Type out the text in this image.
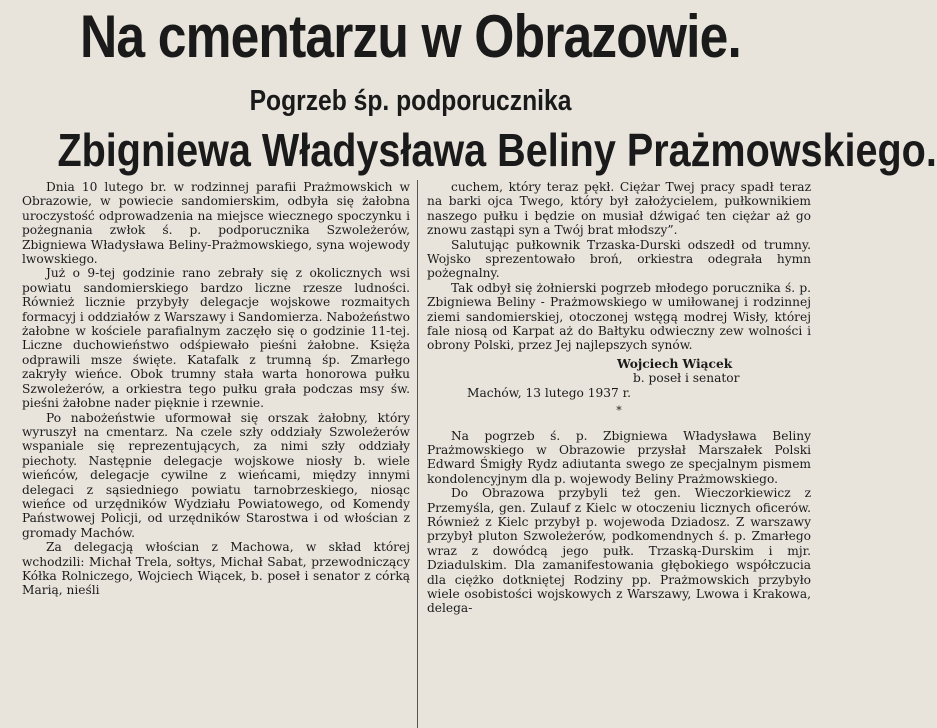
Na cmentarzu w Obrazowie.
Pogrzeb śp. podporucznika
Zbigniewa Władysława Beliny Prażmowskiego.

Dnia 10 lutego br. w rodzinnej parafii Prażmowskich w Obrazowie, w powiecie sandomierskim, odbyła się żałobna uroczystość odprowadzenia na miejsce wiecznego spoczynku i pożegnania zwłok ś. p. podporucznika Szwoleżerów, Zbigniewa Władysława Beliny-Prażmowskiego, syna wojewody lwowskiego.

Już o 9-tej godzinie rano zebrały się z okolicznych wsi powiatu sandomierskiego bardzo liczne rzesze ludności. Również licznie przybyły delegacje wojskowe rozmaitych formacyj i oddziałów z Warszawy i Sandomierza. Nabożeństwo żałobne w kościele parafialnym zaczęło się o godzinie 11-tej. Liczne duchowieństwo odśpiewało pieśni żałobne. Księża odprawili msze święte. Katafalk z trumną śp. Zmarłego zakryły wieńce. Obok trumny stała warta honorowa pułku Szwoleżerów, a orkiestra tego pułku grała podczas msy św. pieśni żałobne nader pięknie i rzewnie.

Po nabożeństwie uformował się orszak żałobny, który wyruszył na cmentarz. Na czele szły oddziały Szwoleżerów wspaniale się reprezentujących, za nimi szły oddziały piechoty. Następnie delegacje wojskowe niosły b. wiele wieńców, delegacje cywilne z wieńcami, między innymi delegaci z sąsiedniego powiatu tarnobrzeskiego, niosąc wieńce od urzędników Wydziału Powiatowego, od Komendy Państwowej Policji, od urzędników Starostwa i od włościan z gromady Machów.

Za delegacją włościan z Machowa, w skład której wchodzili: Michał Trela, sołtys, Michał Sabat, przewodniczący Kółka Rolniczego, Wojciech Wiącek, b. poseł i senator z córką Marią, nieśli

cuchem, który teraz pękł. Ciężar Twej pracy spadł teraz na barki ojca Twego, który był założycielem, pułkownikiem naszego pułku i będzie on musiał dźwigać ten ciężar aż go znowu zastąpi syn a Twój brat młodszy”.

Salutując pułkownik Trzaska-Durski odszedł od trumny. Wojsko sprezentowało broń, orkiestra odegrała hymn pożegnalny.

Tak odbył się żołnierski pogrzeb młodego porucznika ś. p. Zbigniewa Beliny - Prażmowskiego w umiłowanej i rodzinnej ziemi sandomierskiej, otoczonej wstęgą modrej Wisły, której fale niosą od Karpat aż do Bałtyku odwieczny zew wolności i obrony Polski, przez Jej najlepszych synów.

Wojciech Wiącek
b. poseł i senator
Machów, 13 lutego 1937 r.
*

Na pogrzeb ś. p. Zbigniewa Władysława Beliny Prażmowskiego w Obrazowie przysłał Marszałek Polski Edward Śmigły Rydz adiutanta swego ze specjalnym pismem kondolencyjnym dla p. wojewody Beliny Prażmowskiego.

Do Obrazowa przybyli też gen. Wieczorkiewicz z Przemyśla, gen. Zulauf z Kielc w otoczeniu licznych oficerów. Również z Kielc przybył p. wojewoda Dziadosz. Z warszawy przybył pluton Szwoleżerów, podkomendnych ś. p. Zmarłego wraz z dowódcą jego pułk. Trzaską-Durskim i mjr. Dziadulskim. Dla zamanifestowania głębokiego współczucia dla ciężko dotkniętej Rodziny pp. Prażmowskich przybyło wiele osobistości wojskowych z Warszawy, Lwowa i Krakowa, delega-
